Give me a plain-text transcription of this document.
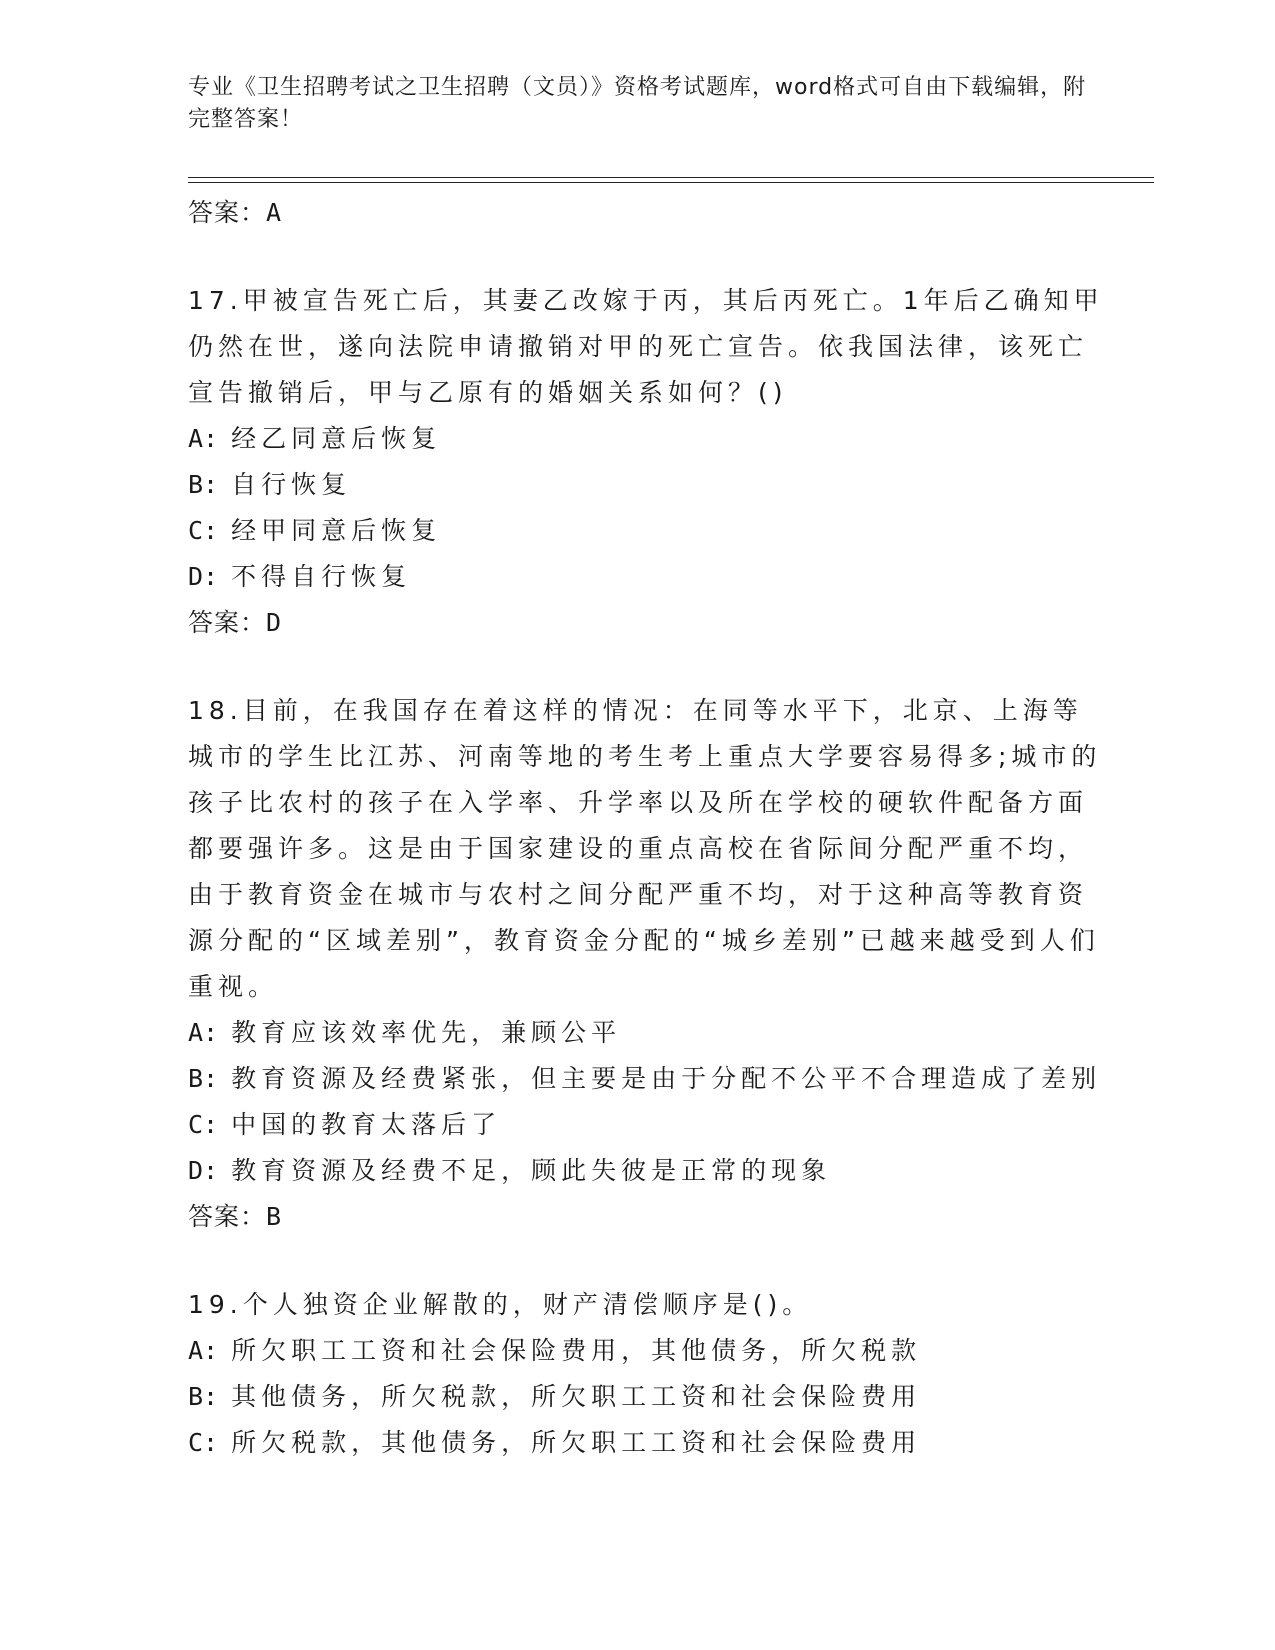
专业《卫生招聘考试之卫生招聘（文员）》资格考试题库，word格式可自由下载编辑，附完整答案！
答案：A
17.甲被宣告死亡后，其妻乙改嫁于丙，其后丙死亡。1年后乙确知甲仍然在世，遂向法院申请撤销对甲的死亡宣告。依我国法律，该死亡宣告撤销后，甲与乙原有的婚姻关系如何？()
A: 经乙同意后恢复
B: 自行恢复
C: 经甲同意后恢复
D: 不得自行恢复
答案：D
18.目前，在我国存在着这样的情况：在同等水平下，北京、上海等城市的学生比江苏、河南等地的考生考上重点大学要容易得多;城市的孩子比农村的孩子在入学率、升学率以及所在学校的硬软件配备方面都要强许多。这是由于国家建设的重点高校在省际间分配严重不均，由于教育资金在城市与农村之间分配严重不均，对于这种高等教育资源分配的“区域差别”，教育资金分配的“城乡差别”已越来越受到人们重视。
A: 教育应该效率优先，兼顾公平
B: 教育资源及经费紧张，但主要是由于分配不公平不合理造成了差别
C: 中国的教育太落后了
D: 教育资源及经费不足，顾此失彼是正常的现象
答案：B
19.个人独资企业解散的，财产清偿顺序是()。
A: 所欠职工工资和社会保险费用，其他债务，所欠税款
B: 其他债务，所欠税款，所欠职工工资和社会保险费用
C: 所欠税款，其他债务，所欠职工工资和社会保险费用
